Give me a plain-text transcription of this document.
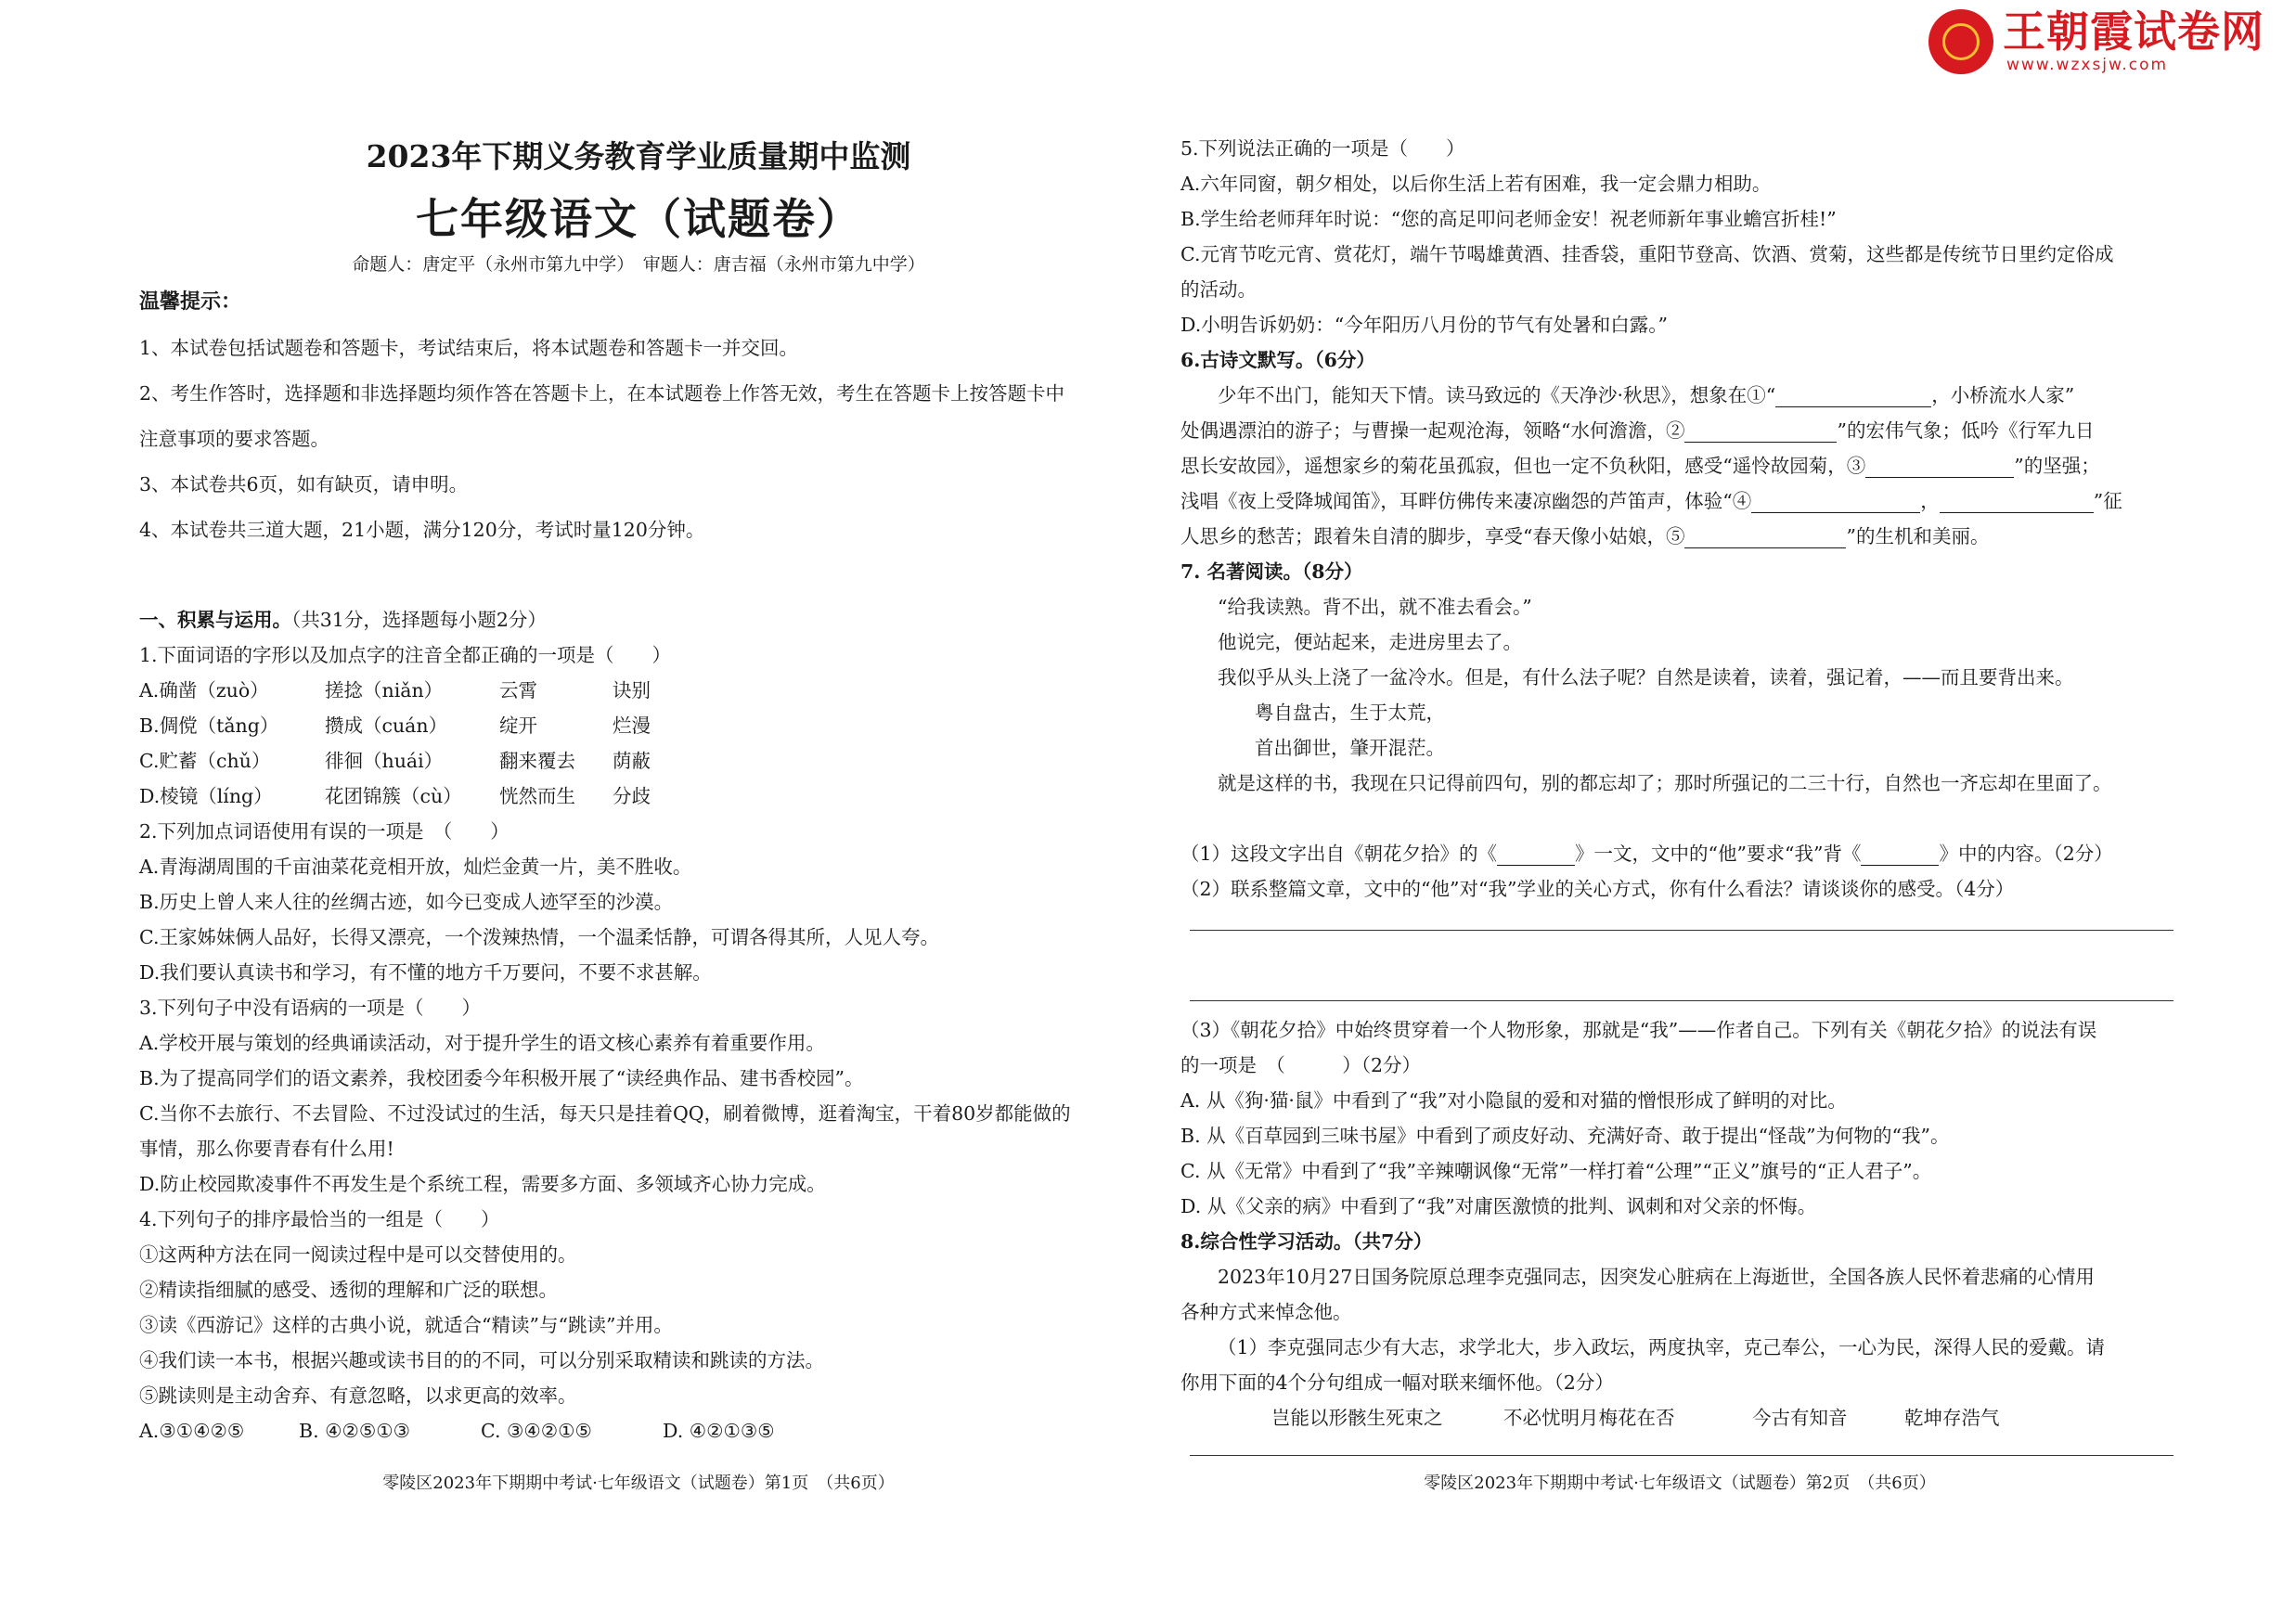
王朝霞试卷网
www.wzxsjw.com
2023年下期义务教育学业质量期中监测
七年级语文（试题卷）
命题人：唐定平（永州市第九中学）　审题人：唐吉福（永州市第九中学）
温馨提示：
1、本试卷包括试题卷和答题卡，考试结束后，将本试题卷和答题卡一并交回。
2、考生作答时，选择题和非选择题均须作答在答题卡上，在本试题卷上作答无效，考生在答题卡上按答题卡中
注意事项的要求答题。
3、本试卷共6页，如有缺页，请申明。
4、本试卷共三道大题，21小题，满分120分，考试时量120分钟。
一、积累与运用。（共31分，选择题每小题2分）
1.下面词语的字形以及加点字的注音全都正确的一项是（　　）
A.确凿（zuò）	搓捻（niǎn）	云霄	诀别
B.倜傥（tǎng） 攒成（cuán）	绽开	烂漫
C.贮蓄（chǔ）	徘徊（huái）	翻来覆去 荫蔽
D.棱镜（líng）	花团锦簇（cù） 恍然而生 分歧
2.下列加点词语使用有误的一项是　（　　）
A.青海湖周围的千亩油菜花竞相开放，灿烂金黄一片，美不胜收。
B.历史上曾人来人往的丝绸古迹，如今已变成人迹罕至的沙漠。
C.王家姊妹俩人品好，长得又漂亮，一个泼辣热情，一个温柔恬静，可谓各得其所，人见人夸。
D.我们要认真读书和学习，有不懂的地方千万要问，不要不求甚解。
3.下列句子中没有语病的一项是（　　）
A.学校开展与策划的经典诵读活动，对于提升学生的语文核心素养有着重要作用。
B.为了提高同学们的语文素养，我校团委今年积极开展了“读经典作品、建书香校园”。
C.当你不去旅行、不去冒险、不过没试过的生活，每天只是挂着QQ，刷着微博，逛着淘宝，干着80岁都能做的
事情，那么你要青春有什么用!
D.防止校园欺凌事件不再发生是个系统工程，需要多方面、多领域齐心协力完成。
4.下列句子的排序最恰当的一组是（　　）
①这两种方法在同一阅读过程中是可以交替使用的。
②精读指细腻的感受、透彻的理解和广泛的联想。
③读《西游记》这样的古典小说，就适合“精读”与“跳读”并用。
④我们读一本书，根据兴趣或读书目的的不同，可以分别采取精读和跳读的方法。
⑤跳读则是主动舍弃、有意忽略，以求更高的效率。
A.③①④②⑤	B. ④②⑤①③	C. ③④②①⑤	D. ④②①③⑤
零陵区2023年下期期中考试·七年级语文（试题卷）第1页　（共6页）
5.下列说法正确的一项是（　　）
A.六年同窗，朝夕相处，以后你生活上若有困难，我一定会鼎力相助。
B.学生给老师拜年时说：“您的高足叩问老师金安！祝老师新年事业蟾宫折桂!”
C.元宵节吃元宵、赏花灯，端午节喝雄黄酒、挂香袋，重阳节登高、饮酒、赏菊，这些都是传统节日里约定俗成
的活动。
D.小明告诉奶奶：“今年阳历八月份的节气有处暑和白露。”
6.古诗文默写。（6分）
少年不出门，能知天下情。读马致远的《天净沙·秋思》，想象在①“	，小桥流水人家”
处偶遇漂泊的游子；与曹操一起观沧海，领略“水何澹澹，②	”的宏伟气象；低吟《行军九日
思长安故园》，遥想家乡的菊花虽孤寂，但也一定不负秋阳，感受“遥怜故园菊，③	”的坚强；
浅唱《夜上受降城闻笛》，耳畔仿佛传来凄凉幽怨的芦笛声，体验“④	，	”征
人思乡的愁苦；跟着朱自清的脚步，享受“春天像小姑娘，⑤	”的生机和美丽。
7. 名著阅读。（8分）
“给我读熟。背不出，就不准去看会。”
他说完，便站起来，走进房里去了。
我似乎从头上浇了一盆冷水。但是，有什么法子呢？自然是读着，读着，强记着，——而且要背出来。
粤自盘古，生于太荒，
首出御世，肇开混茫。
就是这样的书，我现在只记得前四句，别的都忘却了；那时所强记的二三十行，自然也一齐忘却在里面了。
（1）这段文字出自《朝花夕拾》的《	》一文，文中的“他”要求“我”背《	》中的内容。（2分）
（2）联系整篇文章，文中的“他”对“我”学业的关心方式，你有什么看法？请谈谈你的感受。（4分）
（3）《朝花夕拾》中始终贯穿着一个人物形象，那就是“我”——作者自己。下列有关《朝花夕拾》的说法有误
的一项是　（　　　）（2分）
A. 从《狗·猫·鼠》中看到了“我”对小隐鼠的爱和对猫的憎恨形成了鲜明的对比。
B. 从《百草园到三味书屋》中看到了顽皮好动、充满好奇、敢于提出“怪哉”为何物的“我”。
C. 从《无常》中看到了“我”辛辣嘲讽像“无常”一样打着“公理”“正义”旗号的“正人君子”。
D. 从《父亲的病》中看到了“我”对庸医激愤的批判、讽刺和对父亲的怀悔。
8.综合性学习活动。（共7分）
2023年10月27日国务院原总理李克强同志，因突发心脏病在上海逝世，全国各族人民怀着悲痛的心情用
各种方式来悼念他。
（1）李克强同志少有大志，求学北大，步入政坛，两度执宰，克己奉公，一心为民，深得人民的爱戴。请
你用下面的4个分句组成一幅对联来缅怀他。（2分）
岂能以形骸生死束之	不必忧明月梅花在否	今古有知音	乾坤存浩气
零陵区2023年下期期中考试·七年级语文（试题卷）第2页　（共6页）
